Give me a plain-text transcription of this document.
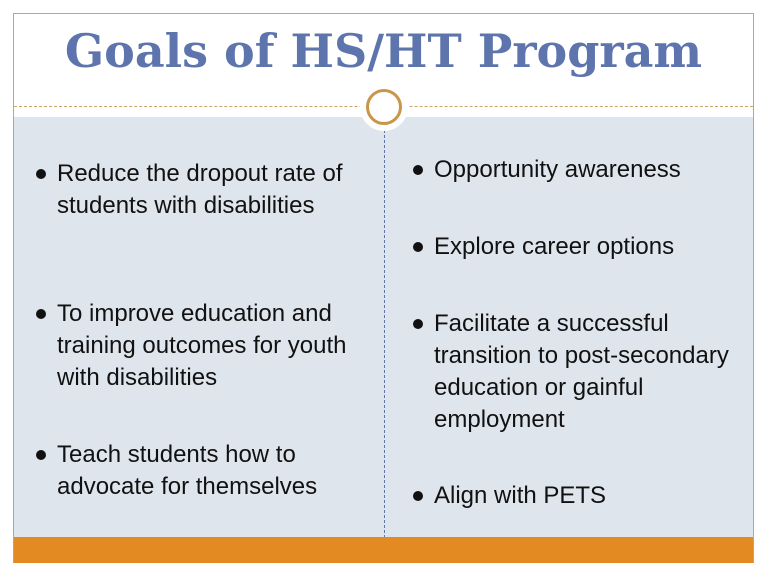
Goals of HS/HT Program
Reduce the dropout rate of students with disabilities
To improve education and training outcomes for youth with disabilities
Teach students how to advocate for themselves
Opportunity awareness
Explore career options
Facilitate a successful transition to post-secondary education or gainful employment
Align with PETS
